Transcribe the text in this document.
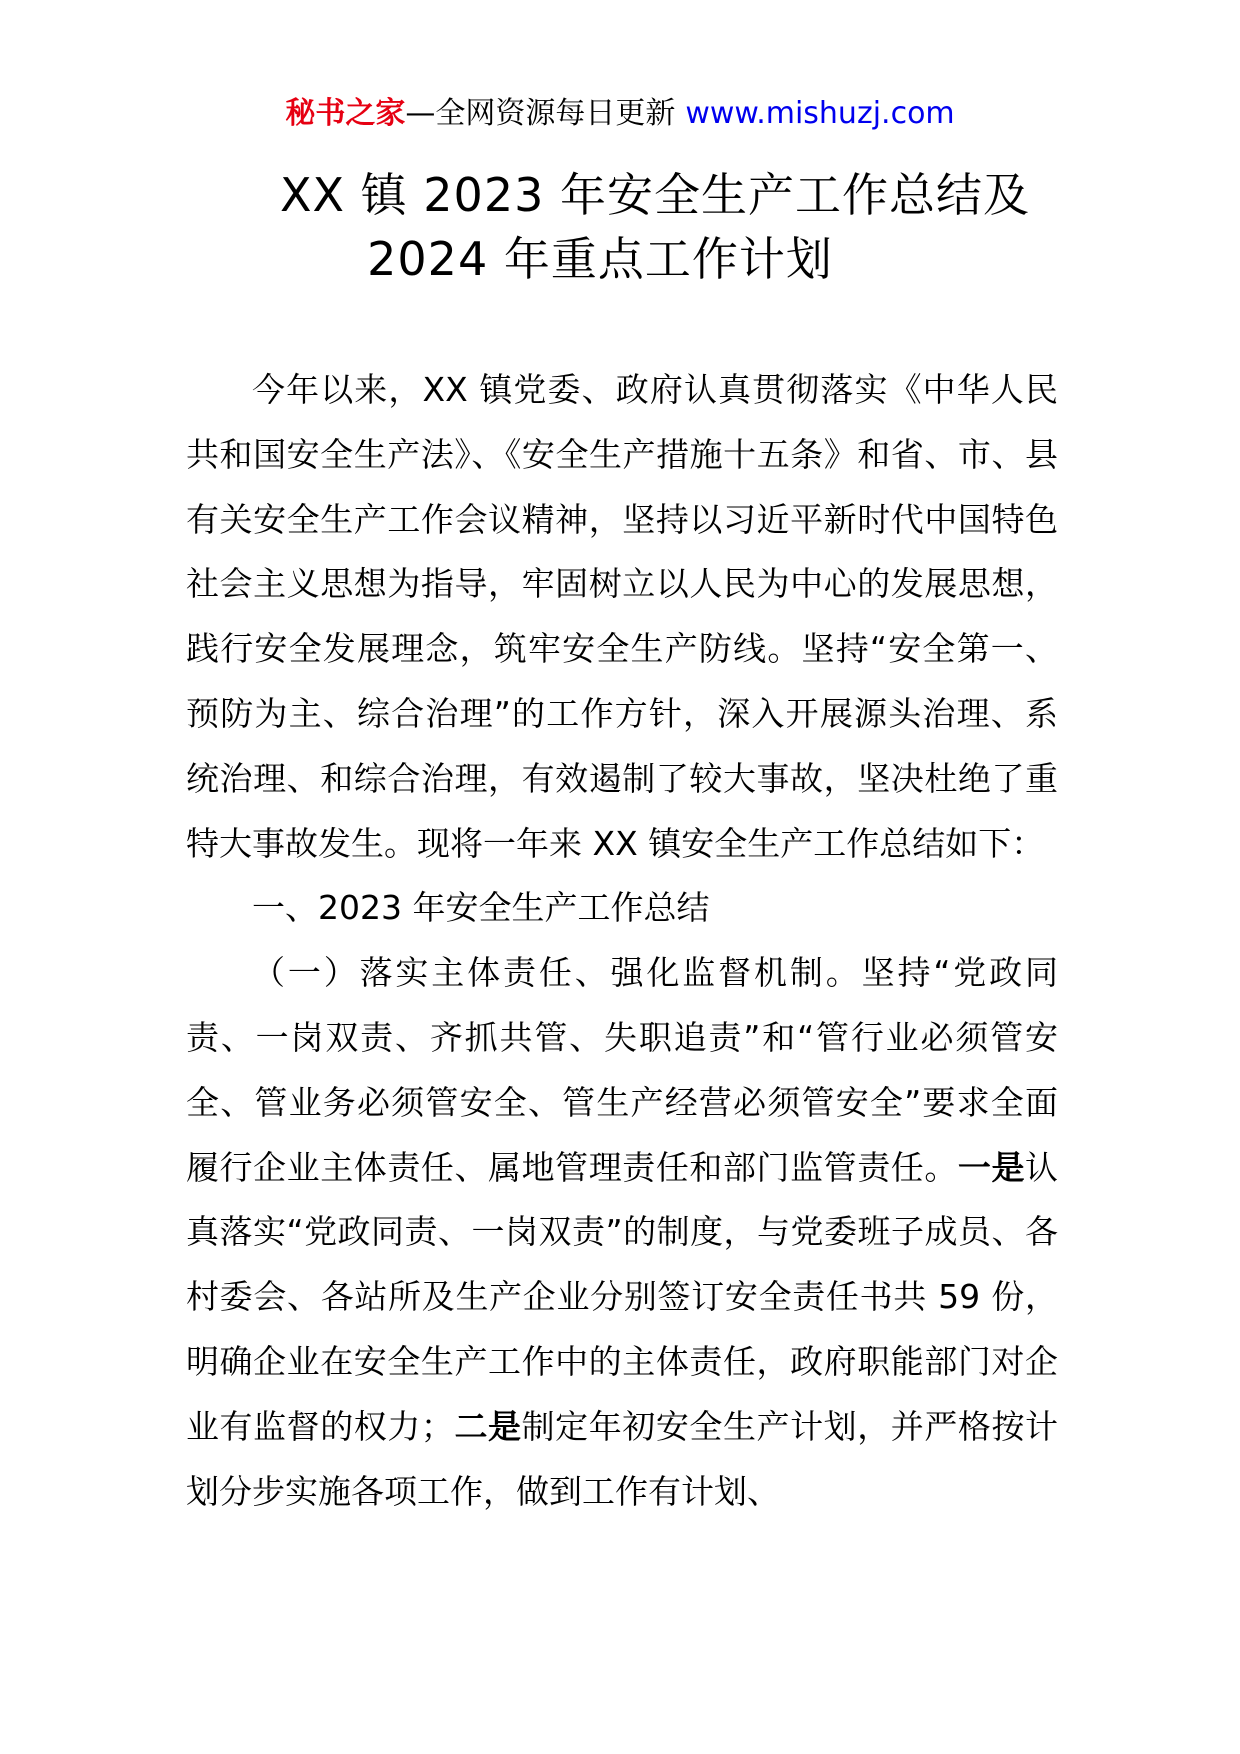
秘书之家—全网资源每日更新 www.mishuzj.com
XX 镇 2023 年安全生产工作总结及
2024 年重点工作计划

今年以来，XX 镇党委、政府认真贯彻落实《中华人民共和国安全生产法》、《安全生产措施十五条》和省、市、县有关安全生产工作会议精神，坚持以习近平新时代中国特色社会主义思想为指导，牢固树立以人民为中心的发展思想，践行安全发展理念，筑牢安全生产防线。坚持“安全第一、预防为主、综合治理”的工作方针，深入开展源头治理、系统治理、和综合治理，有效遏制了较大事故，坚决杜绝了重特大事故发生。现将一年来 XX 镇安全生产工作总结如下：

一、2023 年安全生产工作总结

（一）落实主体责任、强化监督机制。坚持“党政同责、一岗双责、齐抓共管、失职追责”和“管行业必须管安全、管业务必须管安全、管生产经营必须管安全”要求全面履行企业主体责任、属地管理责任和部门监管责任。一是认真落实“党政同责、一岗双责”的制度，与党委班子成员、各村委会、各站所及生产企业分别签订安全责任书共 59 份，明确企业在安全生产工作中的主体责任，政府职能部门对企业有监督的权力；二是制定年初安全生产计划，并严格按计划分步实施各项工作，做到工作有计划、
